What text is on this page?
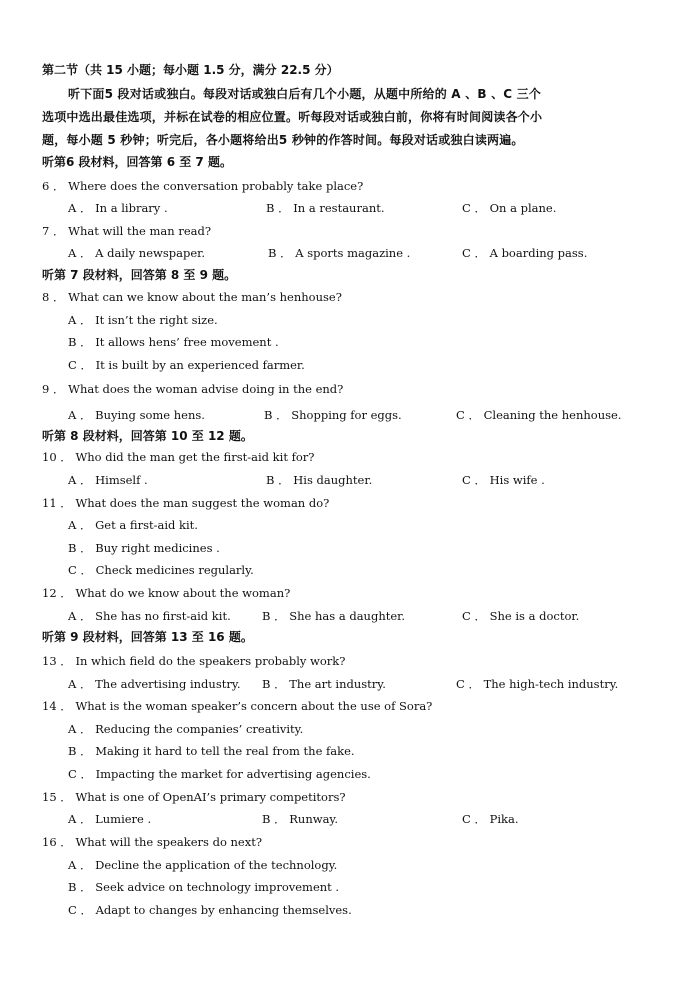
第二节（共 15 小题；每小题 1.5 分，满分 22.5 分）
听下面5 段对话或独白。每段对话或独白后有几个小题，从题中所给的 A 、B 、C 三个
选项中选出最佳选项，并标在试卷的相应位置。听每段对话或独白前，你将有时间阅读各个小
题，每小题 5 秒钟；听完后，各小题将给出5 秒钟的作答时间。每段对话或独白读两遍。
听第6 段材料，回答第 6 至 7 题。
6 ． Where does the conversation probably take place?
A ． In a library .	B ． In a restaurant.	C ． On a plane.
7 ． What will the man read?
A ． A daily newspaper.	B ． A sports magazine .	C ． A boarding pass.
听第 7 段材料，回答第 8 至 9 题。
8 ． What can we know about the man’s henhouse?
A ． It isn’t the right size.
B ． It allows hens’ free movement .
C ． It is built by an experienced farmer.
9 ． What does the woman advise doing in the end?
A ． Buying some hens.	B ． Shopping for eggs.	C ． Cleaning the henhouse.
听第 8 段材料，回答第 10 至 12 题。
10 ． Who did the man get the first-aid kit for?
A ． Himself .	B ． His daughter.	C ． His wife .
11 ． What does the man suggest the woman do?
A ． Get a first-aid kit.
B ． Buy right medicines .
C ． Check medicines regularly.
12 ． What do we know about the woman?
A ． She has no first-aid kit.	B ． She has a daughter.	C ． She is a doctor.
听第 9 段材料，回答第 13 至 16 题。
13 ． In which field do the speakers probably work?
A ． The advertising industry. B ． The art industry.	C ． The high-tech industry.
14 ． What is the woman speaker’s concern about the use of Sora?
A ． Reducing the companies’ creativity.
B ． Making it hard to tell the real from the fake.
C ． Impacting the market for advertising agencies.
15 ． What is one of OpenAI’s primary competitors?
A ． Lumiere .	B ． Runway.	C ． Pika.
16 ． What will the speakers do next?
A ． Decline the application of the technology.
B ． Seek advice on technology improvement .
C ． Adapt to changes by enhancing themselves.
